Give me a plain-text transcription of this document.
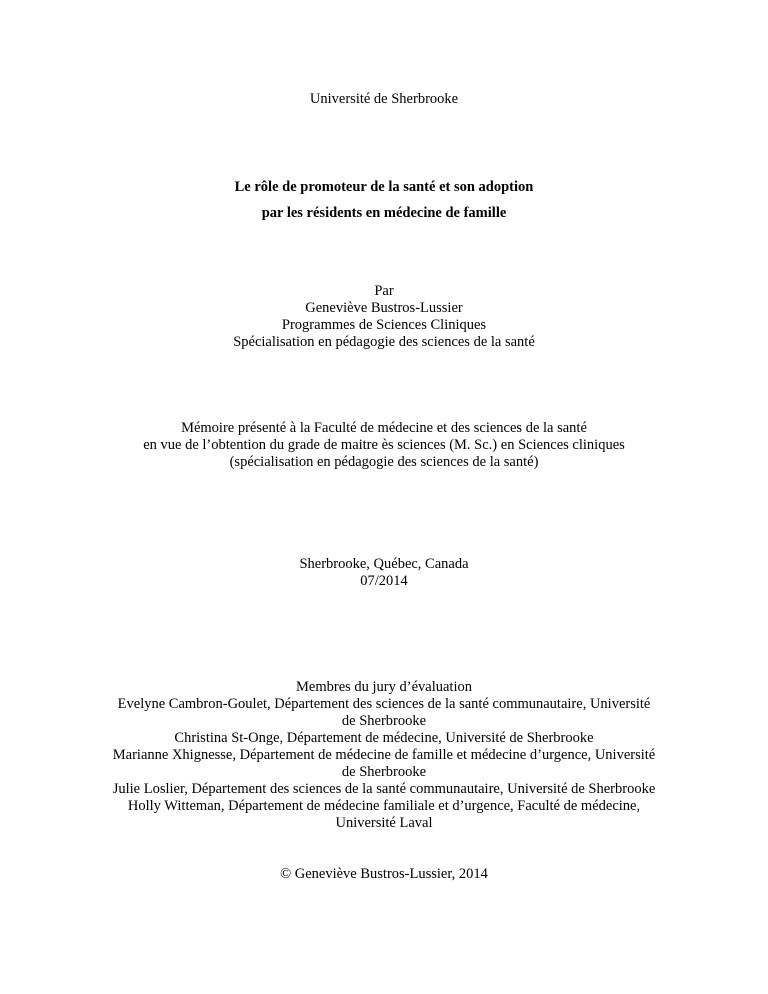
Université de Sherbrooke
Le rôle de promoteur de la santé et son adoption
par les résidents en médecine de famille
Par
Geneviève Bustros-Lussier
Programmes de Sciences Cliniques
Spécialisation en pédagogie des sciences de la santé
Mémoire présenté à la Faculté de médecine et des sciences de la santé
en vue de l’obtention du grade de maitre ès sciences (M. Sc.) en Sciences cliniques
(spécialisation en pédagogie des sciences de la santé)
Sherbrooke, Québec, Canada
07/2014
Membres du jury d’évaluation
Evelyne Cambron-Goulet, Département des sciences de la santé communautaire, Université de Sherbrooke
Christina St-Onge, Département de médecine, Université de Sherbrooke
Marianne Xhignesse, Département de médecine de famille et médecine d’urgence, Université de Sherbrooke
Julie Loslier, Département des sciences de la santé communautaire, Université de Sherbrooke
Holly Witteman, Département de médecine familiale et d’urgence, Faculté de médecine, Université Laval
© Geneviève Bustros-Lussier, 2014
